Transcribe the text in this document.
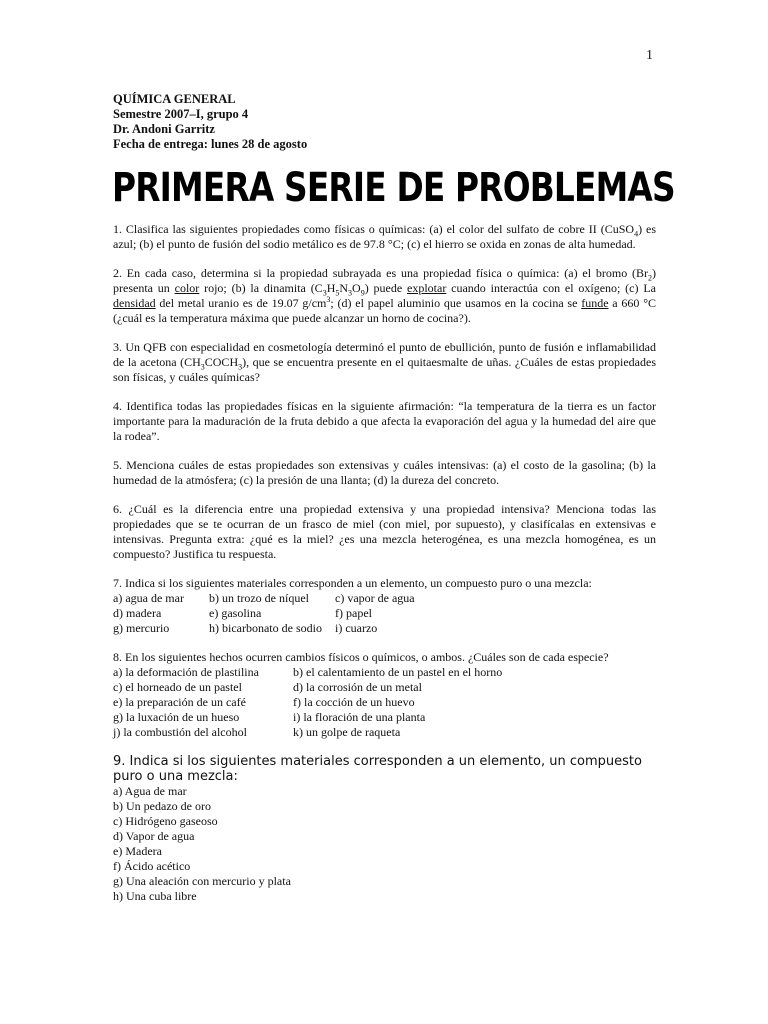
1
QUÍMICA GENERAL
Semestre 2007–I, grupo 4
Dr. Andoni Garritz
Fecha de entrega: lunes 28 de agosto
PRIMERA SERIE DE PROBLEMAS

1. Clasifica las siguientes propiedades como físicas o químicas: (a) el color del sulfato de cobre II (CuSO$_4$) es azul; (b) el punto de fusión del sodio metálico es de 97.8 °C; (c) el hierro se oxida en zonas de alta humedad.

2. En cada caso, determina si la propiedad subrayada es una propiedad física o química: (a) el bromo $(Br_2)$ presenta un color rojo; (b) la dinamita $(C_3H_5N_3O_9)$ puede explotar cuando interactúa con el oxígeno; (c) La densidad del metal uranio es de 19.07 $g/cm^3$; (d) el papel aluminio que usamos en la cocina se funde a 660 °C (¿cuál es la temperatura máxima que puede alcanzar un horno de cocina?).

3. Un QFB con especialidad en cosmetología determinó el punto de ebullición, punto de fusión e inflamabilidad de la acetona $(CH_3COCH_3)$, que se encuentra presente en el quitaesmalte de uñas. ¿Cuáles de estas propiedades son físicas, y cuáles químicas?

4. Identifica todas las propiedades físicas en la siguiente afirmación: “la temperatura de la tierra es un factor importante para la maduración de la fruta debido a que afecta la evaporación del agua y la humedad del aire que la rodea”.

5. Menciona cuáles de estas propiedades son extensivas y cuáles intensivas: (a) el costo de la gasolina; (b) la humedad de la atmósfera; (c) la presión de una llanta; (d) la dureza del concreto.

6. ¿Cuál es la diferencia entre una propiedad extensiva y una propiedad intensiva? Menciona todas las propiedades que se te ocurran de un frasco de miel (con miel, por supuesto), y clasifícalas en extensivas e intensivas. Pregunta extra: ¿qué es la miel? ¿es una mezcla heterogénea, es una mezcla homogénea, es un compuesto? Justifica tu respuesta.

7. Indica si los siguientes materiales corresponden a un elemento, un compuesto puro o una mezcla:

a) agua de mar	b) un trozo de níquel	c) vapor de agua
d) madera	e) gasolina	f) papel
g) mercurio	h) bicarbonato de sodio	i) cuarzo

8. En los siguientes hechos ocurren cambios físicos o químicos, o ambos. ¿Cuáles son de cada especie?

a) la deformación de plastilina	b) el calentamiento de un pastel en el horno
c) el horneado de un pastel	d) la corrosión de un metal
e) la preparación de un café	f) la cocción de un huevo
g) la luxación de un hueso	i) la floración de una planta
j) la combustión del alcohol	k) un golpe de raqueta

9. Indica si los siguientes materiales corresponden a un elemento, un compuesto puro o una mezcla:

a) Agua de mar
b) Un pedazo de oro
c) Hidrógeno gaseoso
d) Vapor de agua
e) Madera
f) Ácido acético
g) Una aleación con mercurio y plata
h) Una cuba libre
